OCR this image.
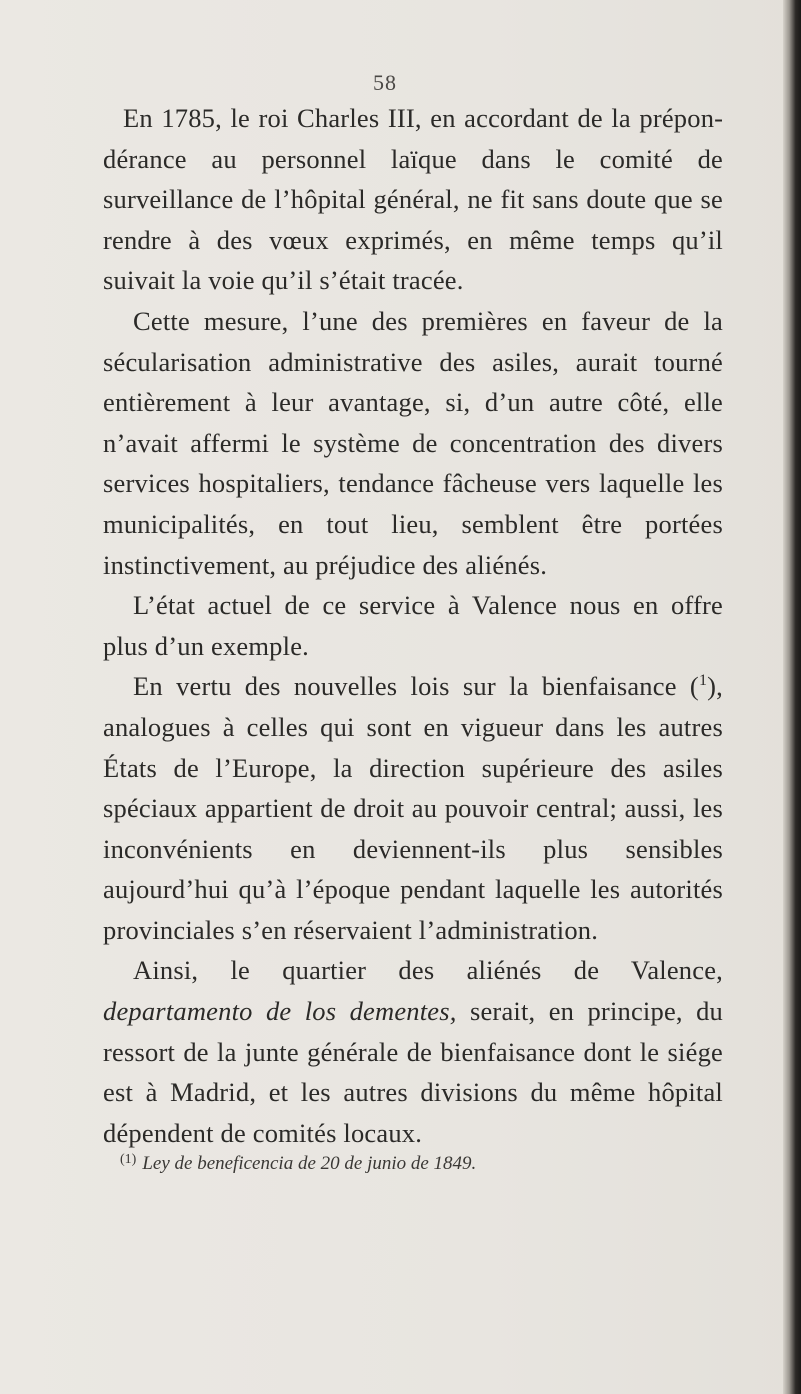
58

En 1785, le roi Charles III, en accordant de la prépondérance au personnel laïque dans le comité de surveillance de l’hôpital général, ne fit sans doute que se rendre à des vœux exprimés, en même temps qu’il suivait la voie qu’il s’était tracée.

Cette mesure, l’une des premières en faveur de la sécularisation administrative des asiles, aurait tourné entièrement à leur avantage, si, d’un autre côté, elle n’avait affermi le système de concentration des divers services hospitaliers, tendance fâcheuse vers laquelle les municipalités, en tout lieu, semblent être portées instinctivement, au préjudice des aliénés.

L’état actuel de ce service à Valence nous en offre plus d’un exemple.

En vertu des nouvelles lois sur la bienfaisance ($^1$), analogues à celles qui sont en vigueur dans les autres États de l’Europe, la direction supérieure des asiles spéciaux appartient de droit au pouvoir central; aussi, les inconvénients en deviennent-ils plus sensibles aujourd’hui qu’à l’époque pendant laquelle les autorités provinciales s’en réservaient l’administration.

Ainsi, le quartier des aliénés de Valence, departamento de los dementes, serait, en principe, du ressort de la junte générale de bienfaisance dont le siége est à Madrid, et les autres divisions du même hôpital dépendent de comités locaux.

$^{(1)}$ Ley de beneficencia de 20 de junio de 1849.
